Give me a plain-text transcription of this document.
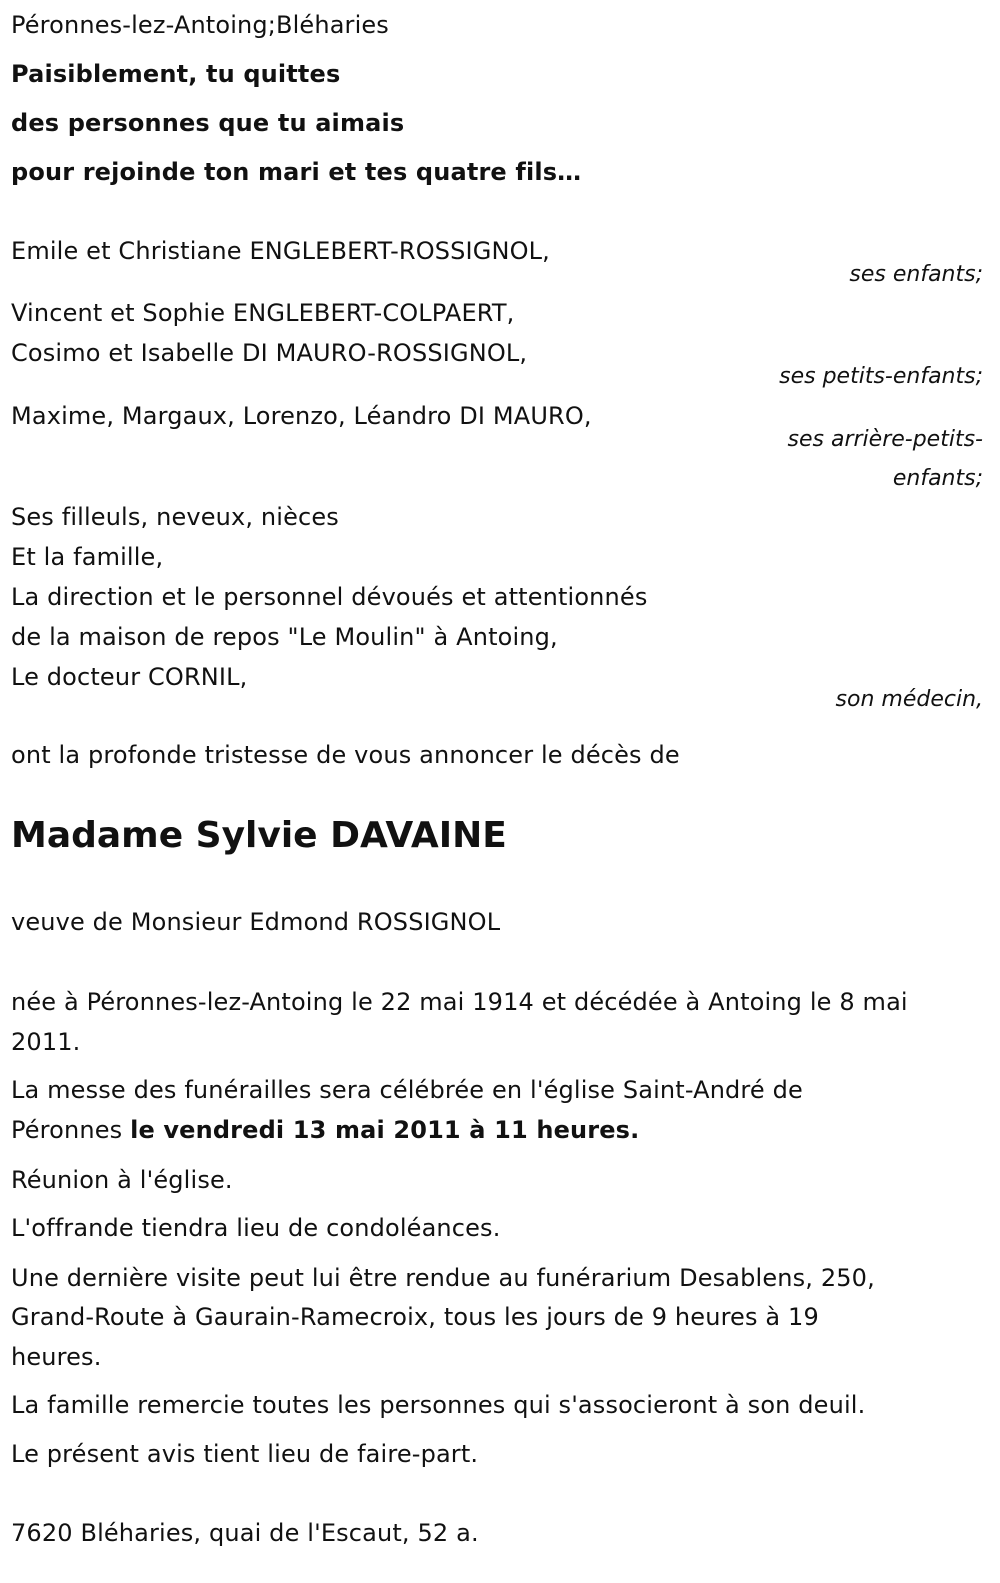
Péronnes-lez-Antoing;Bléharies
Paisiblement, tu quittes
des personnes que tu aimais
pour rejoinde ton mari et tes quatre fils…
Emile et Christiane ENGLEBERT-ROSSIGNOL,
ses enfants;
Vincent et Sophie ENGLEBERT-COLPAERT,
Cosimo et Isabelle DI MAURO-ROSSIGNOL,
ses petits-enfants;
Maxime, Margaux, Lorenzo, Léandro DI MAURO,
ses arrière-petits-
enfants;
Ses filleuls, neveux, nièces
Et la famille,
La direction et le personnel dévoués et attentionnés
de la maison de repos "Le Moulin" à Antoing,
Le docteur CORNIL,
son médecin,
ont la profonde tristesse de vous annoncer le décès de
Madame Sylvie DAVAINE
veuve de Monsieur Edmond ROSSIGNOL
née à Péronnes-lez-Antoing le 22 mai 1914 et décédée à Antoing le 8 mai
2011.
La messe des funérailles sera célébrée en l'église Saint-André de
Péronnes le vendredi 13 mai 2011 à 11 heures.
Réunion à l'église.
L'offrande tiendra lieu de condoléances.
Une dernière visite peut lui être rendue au funérarium Desablens, 250,
Grand-Route à Gaurain-Ramecroix, tous les jours de 9 heures à 19
heures.
La famille remercie toutes les personnes qui s'associeront à son deuil.
Le présent avis tient lieu de faire-part.
7620 Bléharies, quai de l'Escaut, 52 a.
